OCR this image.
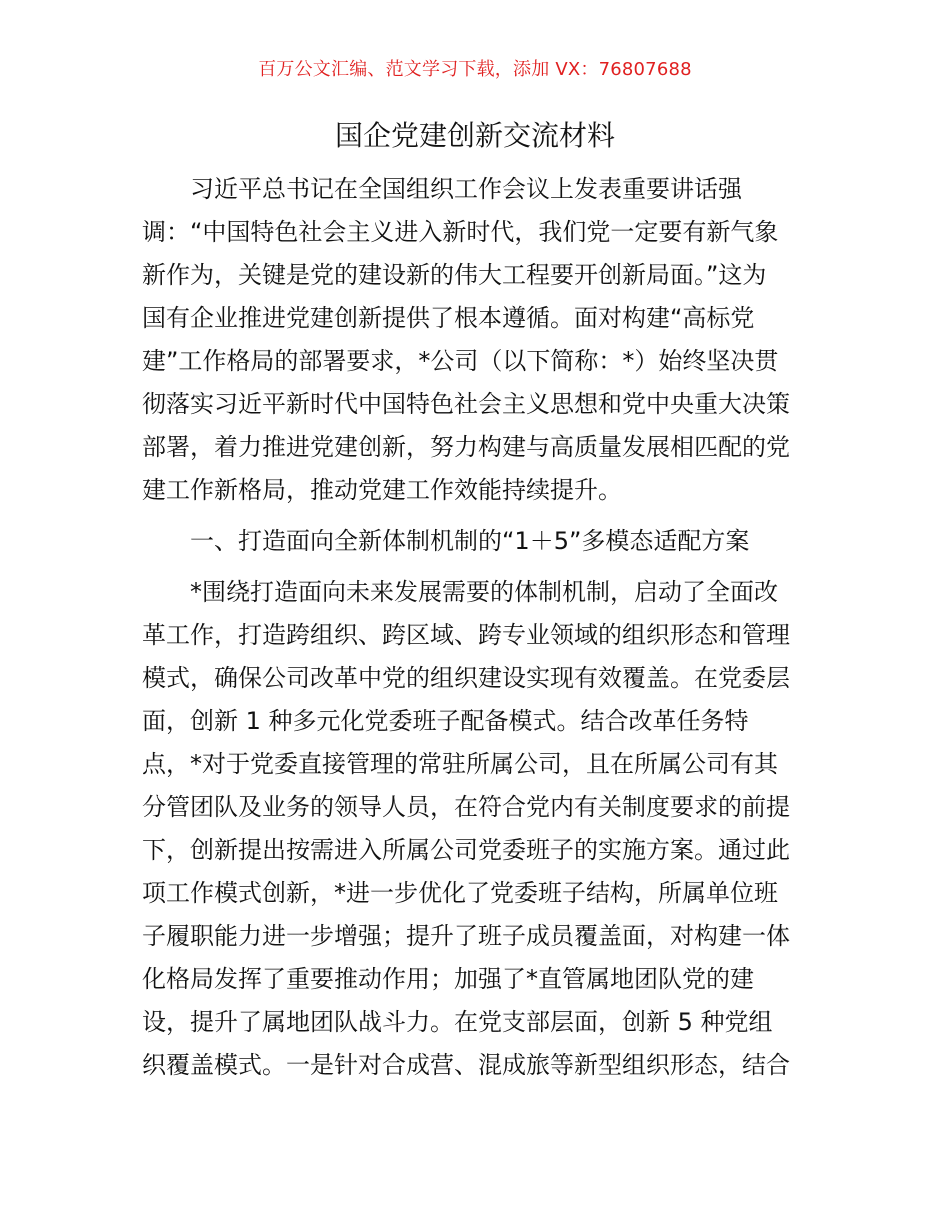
百万公文汇编、范文学习下载，添加 VX：76807688
国企党建创新交流材料
习近平总书记在全国组织工作会议上发表重要讲话强
调：“中国特色社会主义进入新时代，我们党一定要有新气象
新作为，关键是党的建设新的伟大工程要开创新局面。”这为
国有企业推进党建创新提供了根本遵循。面对构建“高标党
建”工作格局的部署要求，*公司（以下简称：*）始终坚决贯
彻落实习近平新时代中国特色社会主义思想和党中央重大决策
部署，着力推进党建创新，努力构建与高质量发展相匹配的党
建工作新格局，推动党建工作效能持续提升。
一、打造面向全新体制机制的“1＋5”多模态适配方案
*围绕打造面向未来发展需要的体制机制，启动了全面改
革工作，打造跨组织、跨区域、跨专业领域的组织形态和管理
模式，确保公司改革中党的组织建设实现有效覆盖。在党委层
面，创新 1 种多元化党委班子配备模式。结合改革任务特
点，*对于党委直接管理的常驻所属公司，且在所属公司有其
分管团队及业务的领导人员，在符合党内有关制度要求的前提
下，创新提出按需进入所属公司党委班子的实施方案。通过此
项工作模式创新，*进一步优化了党委班子结构，所属单位班
子履职能力进一步增强；提升了班子成员覆盖面，对构建一体
化格局发挥了重要推动作用；加强了*直管属地团队党的建
设，提升了属地团队战斗力。在党支部层面，创新 5 种党组
织覆盖模式。一是针对合成营、混成旅等新型组织形态，结合
